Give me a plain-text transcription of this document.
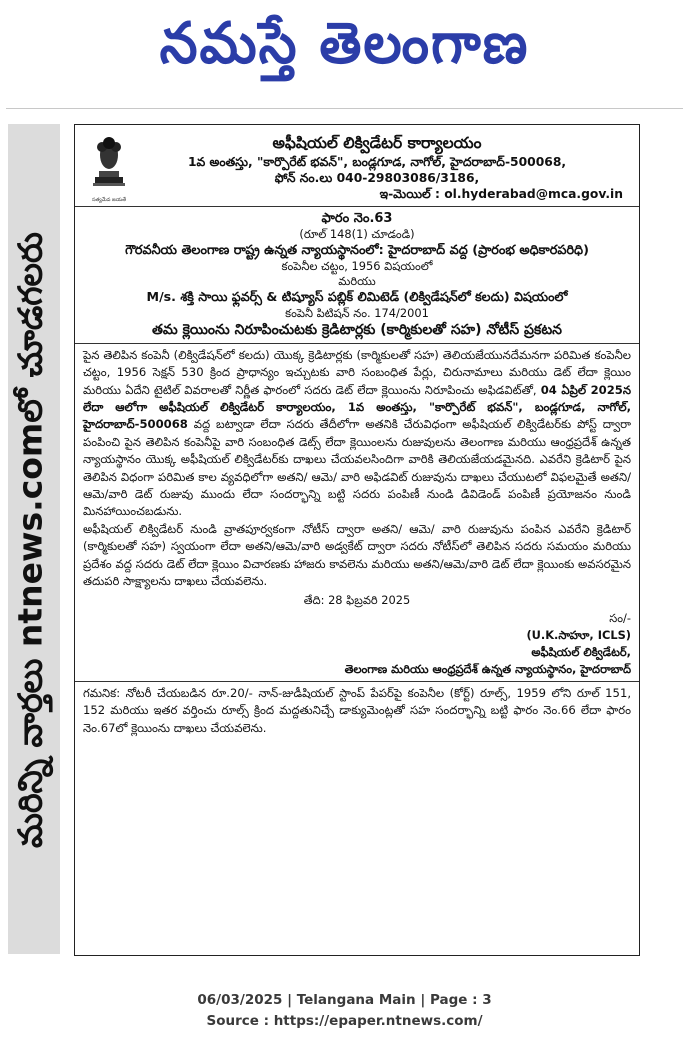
నమస్తే తెలంగాణ
మరిన్ని వార్తలు ntnews.comలో చూడగలరు
సత్యమేవ జయతే
అఫీషియల్ లిక్విడేటర్ కార్యాలయం
1వ అంతస్తు, "కార్పొరేట్ భవన్", బండ్లగూడ, నాగోల్, హైదరాబాద్-500068,
ఫోన్ నం.లు 040-29803086/3186,
ఇ-మెయిల్ : ol.hyderabad@mca.gov.in
ఫారం నెం.63
(రూల్ 148(1) చూడండి)
గౌరవనీయ తెలంగాణ రాష్ట్ర ఉన్నత న్యాయస్థానంలో: హైదరాబాద్ వద్ద (ప్రారంభ అధికారపరిధి)
కంపెనీల చట్టం, 1956 విషయంలో
మరియు
M/s. శక్తి సాయి ఫ్లవర్స్ & టిష్యూస్ పబ్లిక్ లిమిటెడ్ (లిక్విడేషన్‌లో కలదు) విషయంలో
కంపెనీ పిటిషన్ నం. 174/2001
తమ క్లెయింను నిరూపించుటకు క్రెడిటార్లకు (కార్మికులతో సహ) నోటీస్ ప్రకటన

పైన తెలిపిన కంపెనీ (లిక్విడేషన్‌లో కలదు) యొక్క క్రెడిటార్లకు (కార్మికులతో సహ) తెలియజేయునదేమనగా పరిమిత కంపెనీల చట్టం, 1956 సెక్షన్ 530 క్రింద ప్రాధాన్యం ఇచ్చుటకు వారి సంబంధిత పేర్లు, చిరునామాలు మరియు డెట్ లేదా క్లెయిం మరియు ఏదేని టైటిల్ వివరాలతో నిర్ణీత ఫారంలో సదరు డెట్ లేదా క్లెయింను నిరూపించు అఫిడవిట్‌తో, 04 ఏప్రిల్ 2025న లేదా ఆలోగా అఫీషియల్ లిక్విడేటర్ కార్యాలయం, 1వ అంతస్తు, "కార్పొరేట్ భవన్", బండ్లగూడ, నాగోల్, హైదరాబాద్-500068 వద్ద బట్వాడా లేదా సదరు తేదీలోగా అతనికి చేరువిధంగా అఫీషియల్ లిక్విడేటర్‌కు పోస్ట్ ద్వారా పంపించి పైన తెలిపిన కంపెనీపై వారి సంబంధిత డెట్స్ లేదా క్లెయింలను రుజువులను తెలంగాణ మరియు ఆంధ్రప్రదేశ్ ఉన్నత న్యాయస్థానం యొక్క అఫీషియల్ లిక్విడేటర్‌కు దాఖలు చేయవలసిందిగా వారికి తెలియజేయడమైనది. ఎవరేని క్రెడిటార్ పైన తెలిపిన విధంగా పరిమిత కాల వ్యవధిలోగా అతని/ ఆమె/ వారి అఫిడవిట్ రుజువును దాఖలు చేయుటలో విఫలమైతే అతని/ఆమె/వారి డెట్ రుజువు ముందు లేదా సందర్భాన్ని బట్టి సదరు పంపిణీ నుండి డివిడెండ్ పంపిణీ ప్రయోజనం నుండి మినహాయించబడును.

అఫీషియల్ లిక్విడేటర్ నుండి వ్రాతపూర్వకంగా నోటీస్ ద్వారా అతని/ ఆమె/ వారి రుజువును పంపిన ఎవరేని క్రెడిటార్ (కార్మికులతో సహ) స్వయంగా లేదా అతని/ఆమె/వారి అడ్వకేట్ ద్వారా సదరు నోటీస్‌లో తెలిపిన సదరు సమయం మరియు ప్రదేశం వద్ద సదరు డెట్ లేదా క్లెయిం విచారణకు హాజరు కావలెను మరియు అతని/ఆమె/వారి డెట్ లేదా క్లెయింకు అవసరమైన తదుపరి సాక్ష్యాలను దాఖలు చేయవలెను.

తేది: 28 ఫిబ్రవరి 2025
సం/-
(U.K.సాహూ, ICLS)
అఫీషియల్ లిక్విడేటర్,
తెలంగాణ మరియు ఆంధ్రప్రదేశ్ ఉన్నత న్యాయస్థానం, హైదరాబాద్

గమనిక: నోటరీ చేయబడిన రూ.20/- నాన్-జుడీషియల్ స్టాంప్ పేపర్‌పై కంపెనీల (కోర్ట్) రూల్స్, 1959 లోని రూల్ 151, 152 మరియు ఇతర వర్తించు రూల్స్ క్రింద మద్దతునిచ్చే డాక్యుమెంట్లతో సహ సందర్భాన్ని బట్టి ఫారం నెం.66 లేదా ఫారం నెం.67లో క్లెయింను దాఖలు చేయవలెను.

06/03/2025 | Telangana Main | Page : 3
Source : https://epaper.ntnews.com/
